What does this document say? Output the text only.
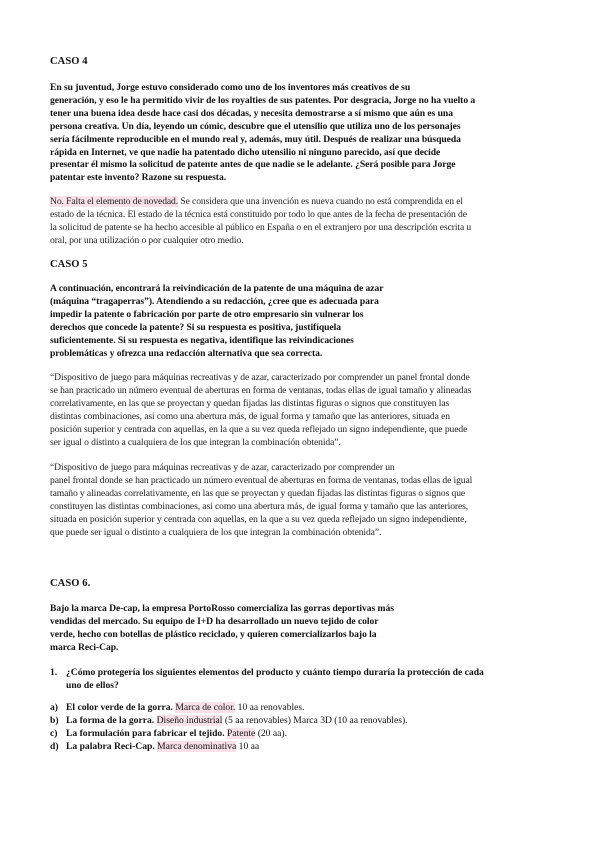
CASO 4
En su juventud, Jorge estuvo considerado como uno de los inventores más creativos de su
generación, y eso le ha permitido vivir de los royalties de sus patentes. Por desgracia, Jorge no ha vuelto a
tener una buena idea desde hace casi dos décadas, y necesita demostrarse a sí mismo que aún es una
persona creativa. Un día, leyendo un cómic, descubre que el utensilio que utiliza uno de los personajes
sería fácilmente reproducible en el mundo real y, además, muy útil. Después de realizar una búsqueda
rápida en Internet, ve que nadie ha patentado dicho utensilio ni ninguno parecido, así que decide
presentar él mismo la solicitud de patente antes de que nadie se le adelante. ¿Será posible para Jorge
patentar este invento? Razone su respuesta.
No. Falta el elemento de novedad. Se considera que una invención es nueva cuando no está comprendida en el
estado de la técnica. El estado de la técnica está constituido por todo lo que antes de la fecha de presentación de
la solicitud de patente se ha hecho accesible al público en España o en el extranjero por una descripción escrita u
oral, por una utilización o por cualquier otro medio.
CASO 5
A continuación, encontrará la reivindicación de la patente de una máquina de azar
(máquina “tragaperras”). Atendiendo a su redacción, ¿cree que es adecuada para
impedir la patente o fabricación por parte de otro empresario sin vulnerar los
derechos que concede la patente? Si su respuesta es positiva, justifíquela
suficientemente. Si su respuesta es negativa, identifique las reivindicaciones
problemáticas y ofrezca una redacción alternativa que sea correcta.
“Dispositivo de juego para máquinas recreativas y de azar, caracterizado por comprender un panel frontal donde
se han practicado un número eventual de aberturas en forma de ventanas, todas ellas de igual tamaño y alineadas
correlativamente, en las que se proyectan y quedan fijadas las distintas figuras o signos que constituyen las
distintas combinaciones, así como una abertura más, de igual forma y tamaño que las anteriores, situada en
posición superior y centrada con aquellas, en la que a su vez queda reflejado un signo independiente, que puede
ser igual o distinto a cualquiera de los que integran la combinación obtenida”.
“Dispositivo de juego para máquinas recreativas y de azar, caracterizado por comprender un
panel frontal donde se han practicado un número eventual de aberturas en forma de ventanas, todas ellas de igual
tamaño y alineadas correlativamente, en las que se proyectan y quedan fijadas las distintas figuras o signos que
constituyen las distintas combinaciones, así como una abertura más, de igual forma y tamaño que las anteriores,
situada en posición superior y centrada con aquellas, en la que a su vez queda reflejado un signo independiente,
que puede ser igual o distinto a cualquiera de los que integran la combinación obtenida”.
CASO 6.
Bajo la marca De-cap, la empresa PortoRosso comercializa las gorras deportivas más
vendidas del mercado. Su equipo de I+D ha desarrollado un nuevo tejido de color
verde, hecho con botellas de plástico reciclado, y quieren comercializarlos bajo la
marca Reci-Cap.
1. ¿Cómo protegería los siguientes elementos del producto y cuánto tiempo duraría la protección de cada
uno de ellos?
a) El color verde de la gorra. Marca de color. 10 aa renovables.
b) La forma de la gorra. Diseño industrial (5 aa renovables) Marca 3D (10 aa renovables).
c) La formulación para fabricar el tejido. Patente (20 aa).
d) La palabra Reci-Cap. Marca denominativa 10 aa
